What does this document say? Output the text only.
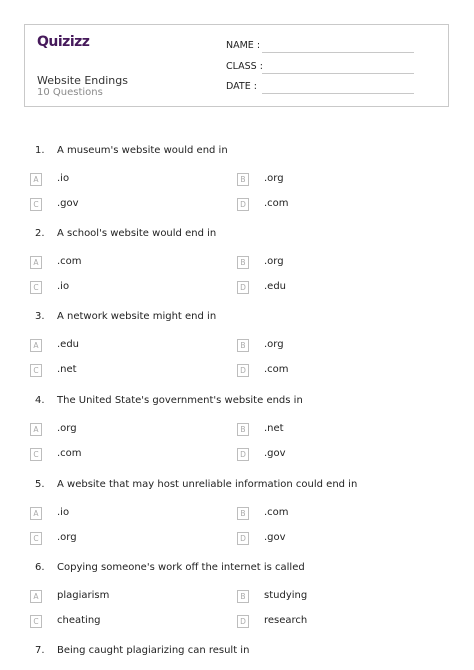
Quizizz
Website Endings
10 Questions
NAME :
CLASS :
DATE :
1. A museum's website would end in
A	.io	B	.org
C	.gov	D	.com
2. A school's website would end in
A	.com	B	.org
C	.io	D	.edu
3. A network website might end in
A	.edu	B	.org
C	.net	D	.com
4. The United State's government's website ends in
A	.org	B	.net
C	.com	D	.gov
5. A website that may host unreliable information could end in
A	.io	B	.com
C	.org	D	.gov
6. Copying someone's work off the internet is called
A	plagiarism	B	studying
C	cheating	D	research
7. Being caught plagiarizing can result in
